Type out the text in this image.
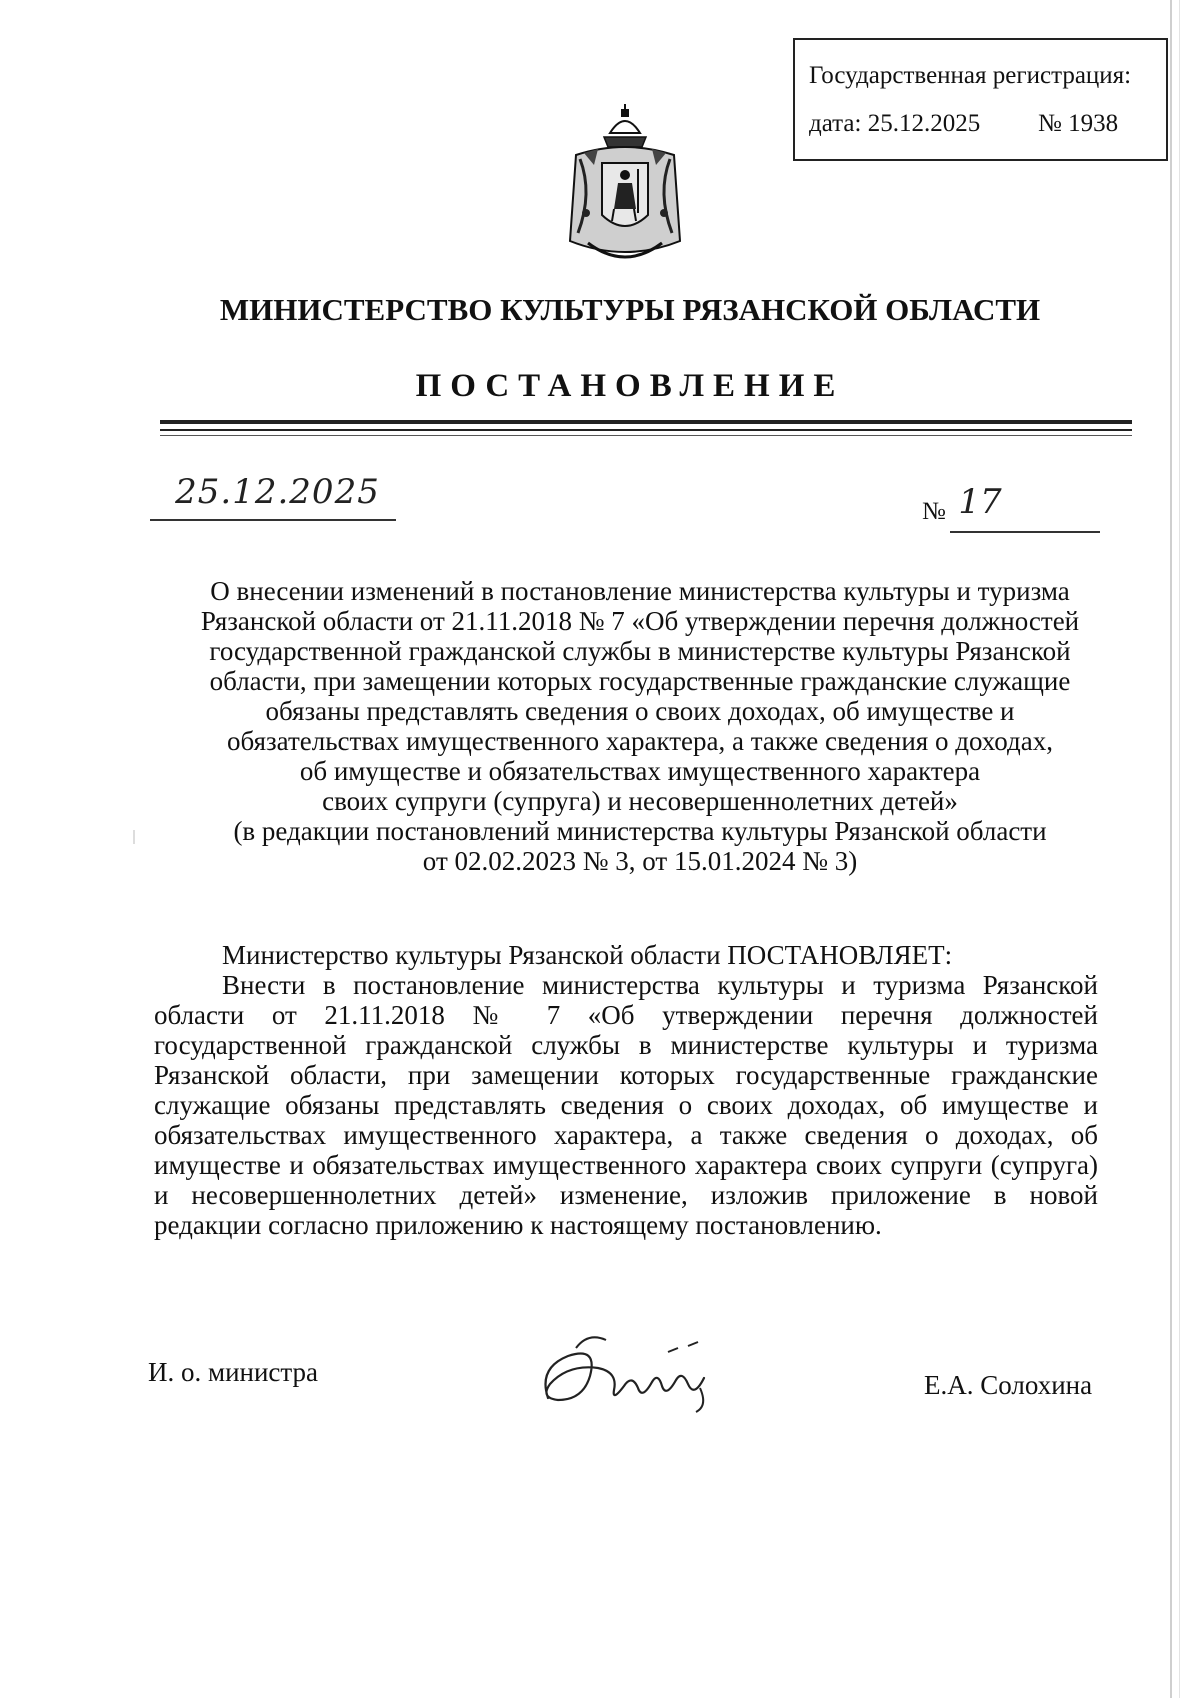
Государственная регистрация:
дата: 25.12.2025 № 1938
МИНИСТЕРСТВО КУЛЬТУРЫ РЯЗАНСКОЙ ОБЛАСТИ
ПОСТАНОВЛЕНИЕ
25.12.2025	№ 17
О внесении изменений в постановление министерства культуры и туризма
Рязанской области от 21.11.2018 № 7 «Об утверждении перечня должностей
государственной гражданской службы в министерстве культуры Рязанской
области, при замещении которых государственные гражданские служащие
обязаны представлять сведения о своих доходах, об имуществе и
обязательствах имущественного характера, а также сведения о доходах,
об имуществе и обязательствах имущественного характера
своих супруги (супруга) и несовершеннолетних детей»
(в редакции постановлений министерства культуры Рязанской области
от 02.02.2023 № 3, от 15.01.2024 № 3)
Министерство культуры Рязанской области ПОСТАНОВЛЯЕТ:

Внести в постановление министерства культуры и туризма Рязанской области от 21.11.2018 № 7 «Об утверждении перечня должностей государственной гражданской службы в министерстве культуры и туризма Рязанской области, при замещении которых государственные гражданские служащие обязаны представлять сведения о своих доходах, об имуществе и обязательствах имущественного характера, а также сведения о доходах, об имуществе и обязательствах имущественного характера своих супруги (супруга) и несовершеннолетних детей» изменение, изложив приложение в новой редакции согласно приложению к настоящему постановлению.

И. о. министра	Е.А. Солохина
